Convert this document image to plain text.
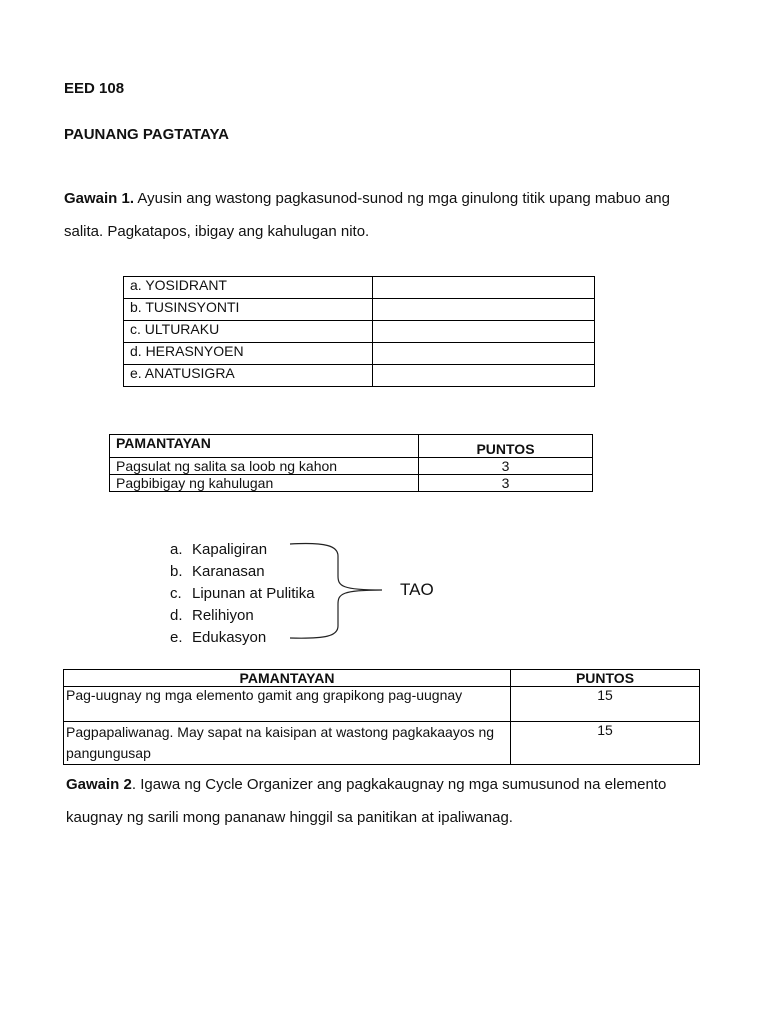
EED 108
PAUNANG PAGTATAYA
Gawain 1. Ayusin ang wastong pagkasunod-sunod ng mga ginulong titik upang mabuo ang salita. Pagkatapos, ibigay ang kahulugan nito.
a. YOSIDRANT	
b. TUSINSYONTI	
c. ULTURAKU	
d. HERASNYOEN	
e. ANATUSIGRA	
PAMANTAYAN	PUNTOS
Pagsulat ng salita sa loob ng kahon	3
Pagbibigay ng kahulugan	3
a. Kapaligiran
b. Karanasan
c. Lipunan at Pulitika
d. Relihiyon
e. Edukasyon
TAO
PAMANTAYAN	PUNTOS
Pag-uugnay ng mga elemento gamit ang grapikong pag-uugnay	15
Pagpapaliwanag. May sapat na kaisipan at wastong pagkakaayos ng pangungusap	15
Gawain 2. Igawa ng Cycle Organizer ang pagkakaugnay ng mga sumusunod na elemento kaugnay ng sarili mong pananaw hinggil sa panitikan at ipaliwanag.
